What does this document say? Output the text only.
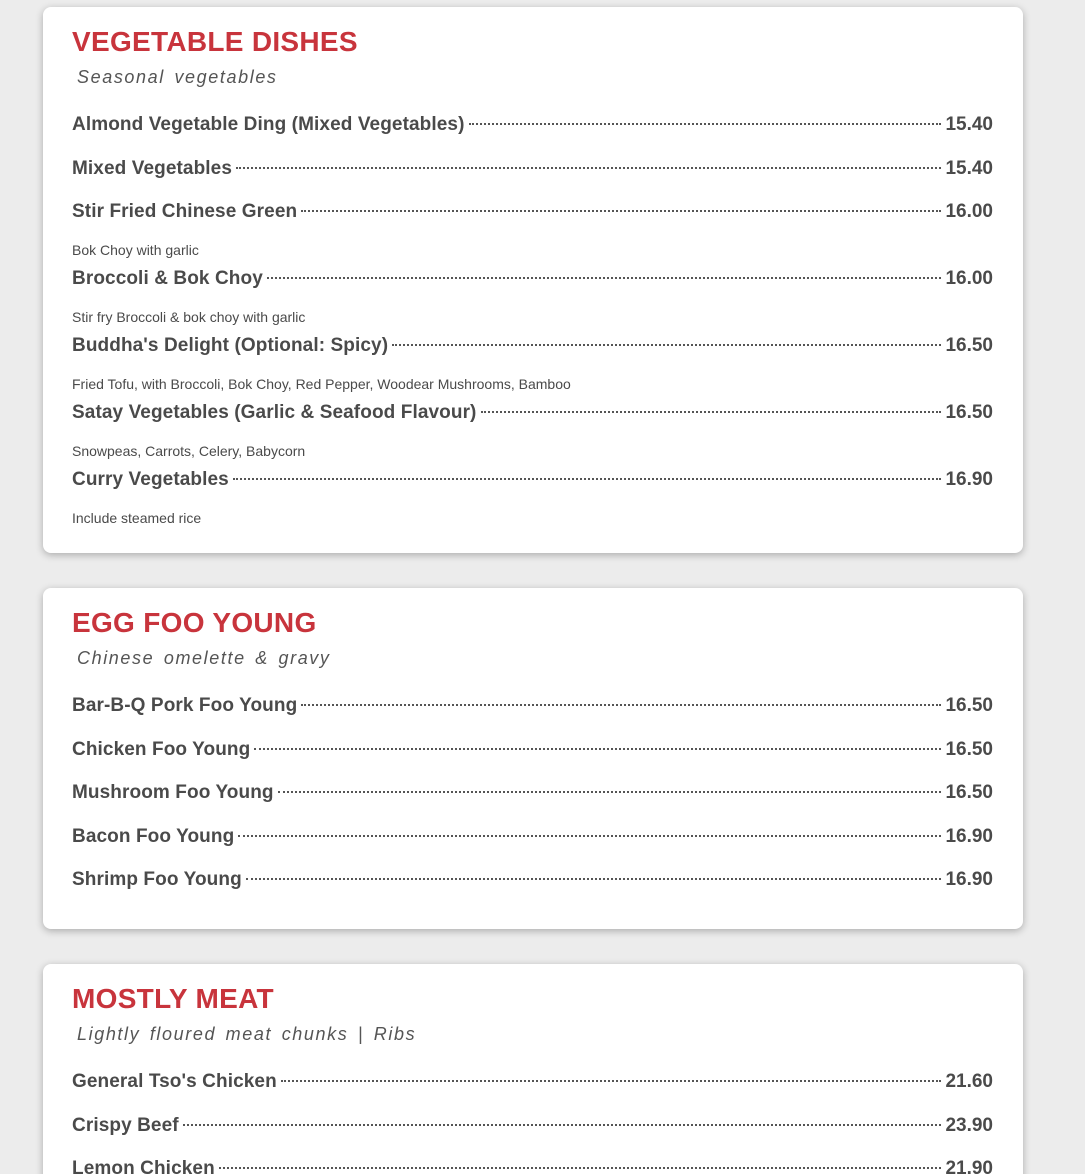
VEGETABLE DISHES

Seasonal vegetables

Almond Vegetable Ding (Mixed Vegetables)	15.40
Mixed Vegetables	15.40
Stir Fried Chinese Green	16.00
Bok Choy with garlic
Broccoli & Bok Choy	16.00
Stir fry Broccoli & bok choy with garlic
Buddha's Delight (Optional: Spicy)	16.50
Fried Tofu, with Broccoli, Bok Choy, Red Pepper, Woodear Mushrooms, Bamboo
Satay Vegetables (Garlic & Seafood Flavour)	16.50
Snowpeas, Carrots, Celery, Babycorn
Curry Vegetables	16.90
Include steamed rice
EGG FOO YOUNG

Chinese omelette & gravy

Bar-B-Q Pork Foo Young	16.50
Chicken Foo Young	16.50
Mushroom Foo Young	16.50
Bacon Foo Young	16.90
Shrimp Foo Young	16.90
MOSTLY MEAT

Lightly floured meat chunks | Ribs

General Tso's Chicken	21.60
Crispy Beef	23.90
Lemon Chicken	21.90
